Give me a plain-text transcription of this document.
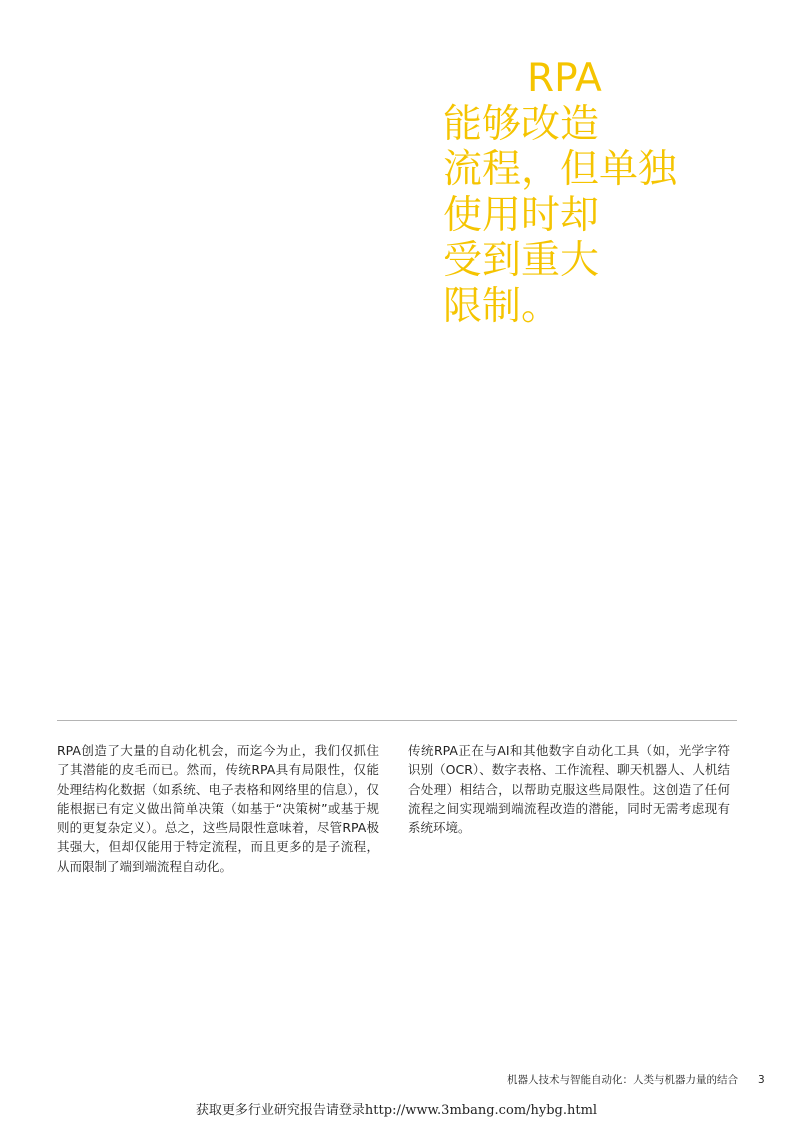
RPA
能够改造
流程，但单独
使用时却
受到重大
限制。

RPA创造了大量的自动化机会，而迄今为止，我们仅抓住了其潜能的皮毛而已。然而，传统RPA具有局限性，仅能处理结构化数据（如系统、电子表格和网络里的信息），仅能根据已有定义做出简单决策（如基于“决策树”或基于规则的更复杂定义）。总之，这些局限性意味着，尽管RPA极其强大，但却仅能用于特定流程，而且更多的是子流程，从而限制了端到端流程自动化。

传统RPA正在与AI和其他数字自动化工具（如，光学字符识别（OCR）、数字表格、工作流程、聊天机器人、人机结合处理）相结合，以帮助克服这些局限性。这创造了任何流程之间实现端到端流程改造的潜能，同时无需考虑现有系统环境。

机器人技术与智能自动化：人类与机器力量的结合 3
获取更多行业研究报告请登录http://www.3mbang.com/hybg.html
